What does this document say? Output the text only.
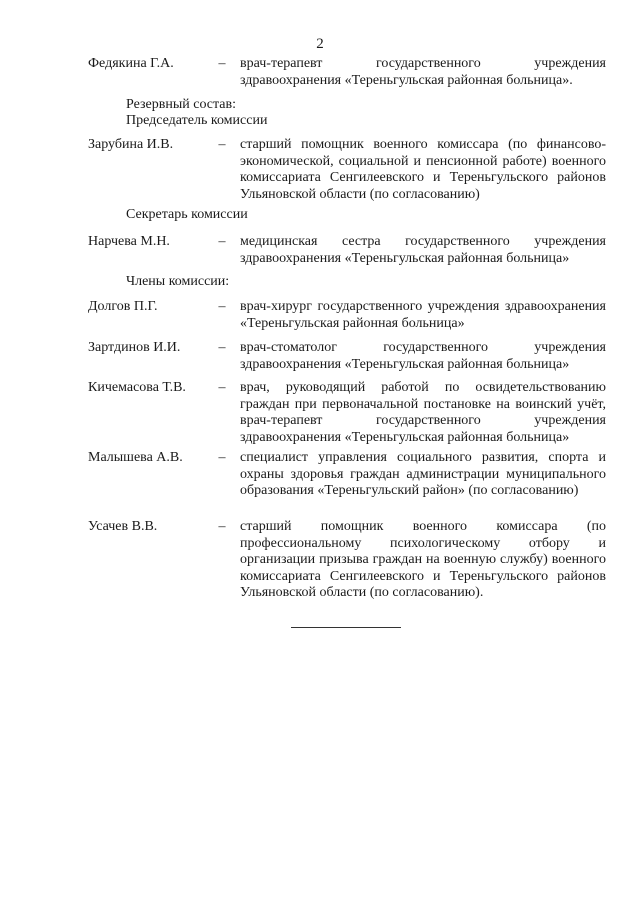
2
Федякина Г.А.	– врач-терапевт государственного учреждения здравоохранения «Тереньгульская районная больница».
Резервный состав:
Председатель комиссии
Зарубина И.В.	– старший помощник военного комиссара (по финансово-экономической, социальной и пенсионной работе) военного комиссариата Сенгилеевского и Тереньгульского районов Ульяновской области (по согласованию)
Секретарь комиссии
Нарчева М.Н.	– медицинская сестра государственного учреждения здравоохранения «Тереньгульская районная больница»
Члены комиссии:
Долгов П.Г.	– врач-хирург государственного учреждения здравоохранения «Тереньгульская районная больница»
Зартдинов И.И.	– врач-стоматолог государственного учреждения здравоохранения «Тереньгульская районная больница»
Кичемасова Т.В.	– врач, руководящий работой по освидетельствованию граждан при первоначальной постановке на воинский учёт, врач-терапевт государственного учреждения здравоохранения «Тереньгульская районная больница»
Малышева А.В.	– специалист управления социального развития, спорта и охраны здоровья граждан администрации муниципального образования «Тереньгульский район» (по согласованию)
Усачев В.В.	– старший помощник военного комиссара (по профессиональному психологическому отбору и организации призыва граждан на военную службу) военного комиссариата Сенгилеевского и Тереньгульского районов Ульяновской области (по согласованию).
